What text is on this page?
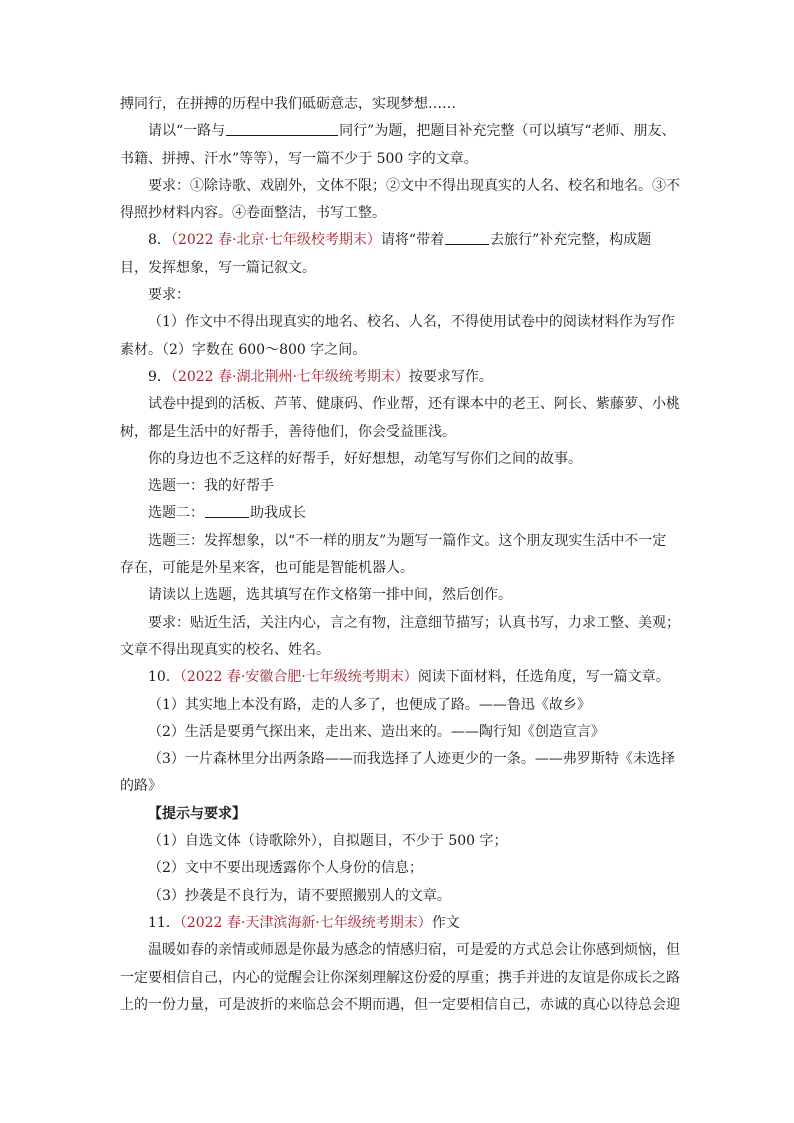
搏同行，在拼搏的历程中我们砥砺意志，实现梦想……
请以“一路与	同行”为题，把题目补充完整（可以填写“老师、朋友、
书籍、拼搏、汗水”等等），写一篇不少于 500 字的文章。
要求：①除诗歌、戏剧外，文体不限；②文中不得出现真实的人名、校名和地名。③不
得照抄材料内容。④卷面整洁，书写工整。
8．（2022 春·北京·七年级校考期末）请将“带着	去旅行”补充完整，构成题
目，发挥想象，写一篇记叙文。
要求：
（1）作文中不得出现真实的地名、校名、人名，不得使用试卷中的阅读材料作为写作
素材。（2）字数在 600～800 字之间。
9．（2022 春·湖北荆州·七年级统考期末）按要求写作。
试卷中提到的活板、芦苇、健康码、作业帮，还有课本中的老王、阿长、紫藤萝、小桃
树，都是生活中的好帮手，善待他们，你会受益匪浅。
你的身边也不乏这样的好帮手，好好想想，动笔写写你们之间的故事。
选题一：我的好帮手
选题二：	助我成长
选题三：发挥想象，以“不一样的朋友”为题写一篇作文。这个朋友现实生活中不一定
存在，可能是外星来客，也可能是智能机器人。
请读以上选题，选其填写在作文格第一排中间，然后创作。
要求：贴近生活，关注内心，言之有物，注意细节描写；认真书写，力求工整、美观；
文章不得出现真实的校名、姓名。
10．（2022 春·安徽合肥·七年级统考期末）阅读下面材料，任选角度，写一篇文章。
（1）其实地上本没有路，走的人多了，也便成了路。——鲁迅《故乡》
（2）生活是要勇气探出来，走出来、造出来的。——陶行知《创造宣言》
（3）一片森林里分出两条路——而我选择了人迹更少的一条。——弗罗斯特《未选择
的路》
【提示与要求】
（1）自选文体（诗歌除外），自拟题目，不少于 500 字；
（2）文中不要出现透露你个人身份的信息；
（3）抄袭是不良行为，请不要照搬别人的文章。
11．（2022 春·天津滨海新·七年级统考期末）作文
温暖如春的亲情或师恩是你最为感念的情感归宿，可是爱的方式总会让你感到烦恼，但
一定要相信自己，内心的觉醒会让你深刻理解这份爱的厚重；携手并进的友谊是你成长之路
上的一份力量，可是波折的来临总会不期而遇，但一定要相信自己，赤诚的真心以待总会迎
